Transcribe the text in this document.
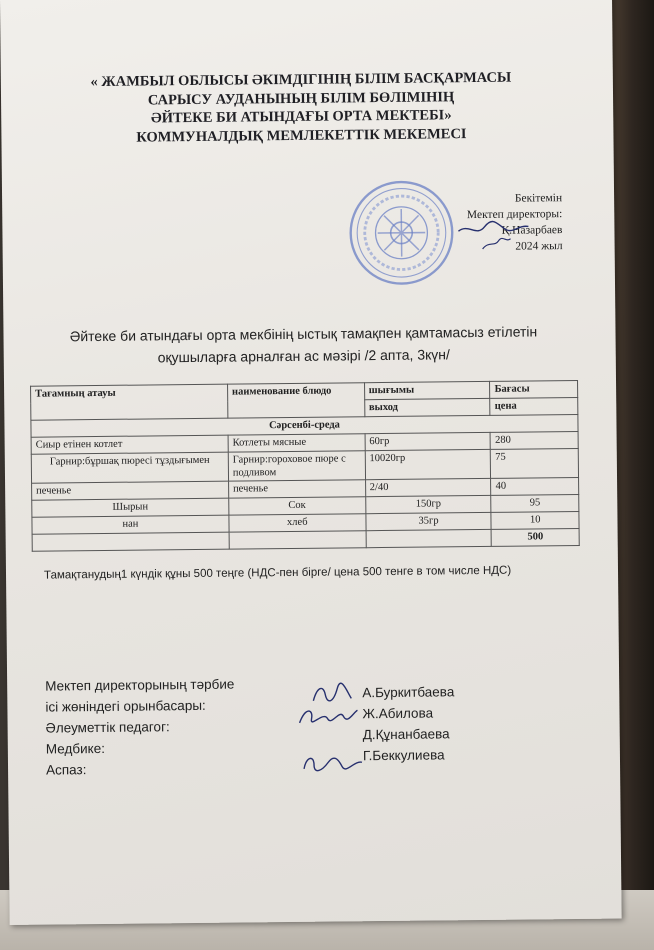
« ЖАМБЫЛ ОБЛЫСЫ ӘКІМДІГІНІҢ БІЛІМ БАСҚАРМАСЫ
САРЫСУ АУДАНЫНЫҢ БІЛІМ БӨЛІМІНІҢ
ӘЙТЕКЕ БИ АТЫНДАҒЫ ОРТА МЕКТЕБІ»
КОММУНАЛДЫҚ МЕМЛЕКЕТТІК МЕКЕМЕСІ
Бекітемін
Мектеп директоры:
Қ.Назарбаев
2024 жыл
Әйтеке би атындағы орта мекбінің ыстық тамақпен қамтамасыз етілетін
оқушыларға арналған ас мәзірі /2 апта, 3күн/
Тағамның атауы	наименование блюдо	шығымы	Бағасы
		выход	цена
Сәрсенбі-среда			
Сиыр етінен котлет	Котлеты мясные	60гр	280
Гарнир:бұршақ пюресі тұздығымен	Гарнир:гороховое пюре с подливом	10020гр	75
печенье	печенье	2/40	40
Шырын	Сок	150гр	95
нан	хлеб	35гр	10
			500
Тамақтанудың1 күндік құны 500 теңге (НДС-пен бірге/ цена 500 тенге в том числе НДС)
Мектеп директорының тәрбие
ісі жөніндегі орынбасары:
Әлеуметтік педагог:
Медбике:
Аспаз:
А.Буркитбаева
Ж.Абилова
Д.Құнанбаева
Г.Беккулиева
